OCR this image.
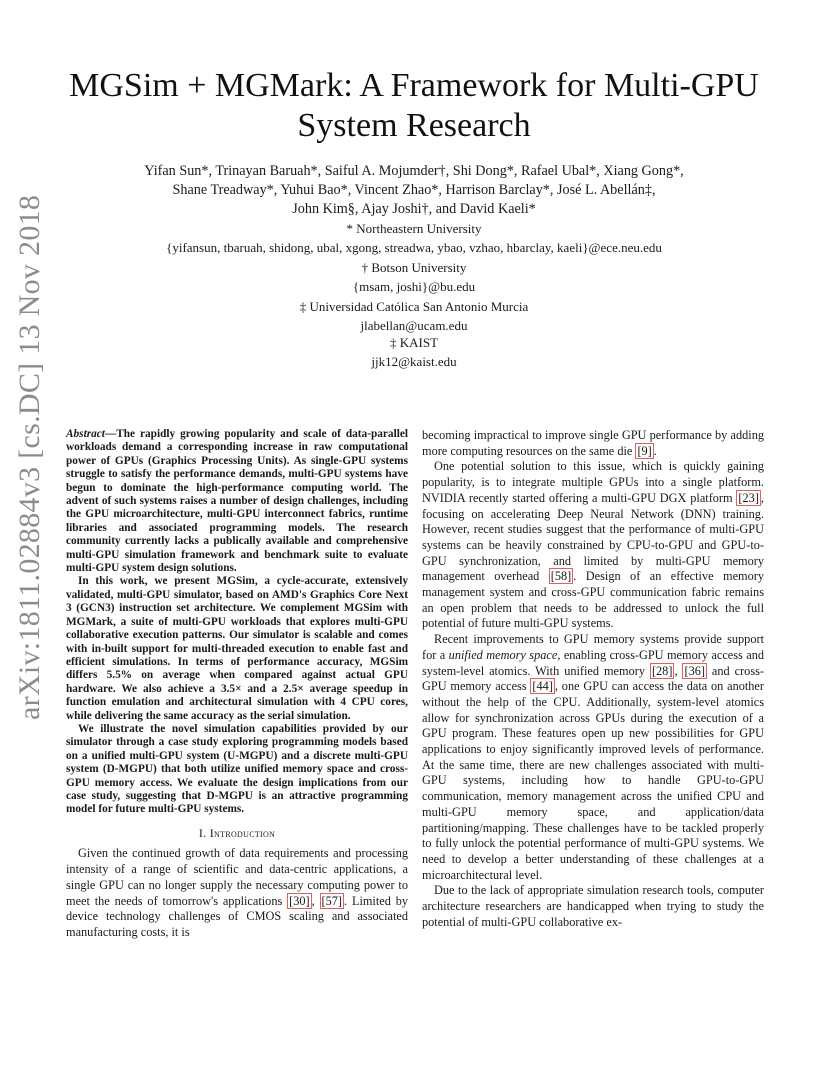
arXiv:1811.02884v3 [cs.DC] 13 Nov 2018
MGSim + MGMark: A Framework for Multi-GPU
System Research
Yifan Sun*, Trinayan Baruah*, Saiful A. Mojumder†, Shi Dong*, Rafael Ubal*, Xiang Gong*,
Shane Treadway*, Yuhui Bao*, Vincent Zhao*, Harrison Barclay*, José L. Abellán‡,
John Kim§, Ajay Joshi†, and David Kaeli*
* Northeastern University
{yifansun, tbaruah, shidong, ubal, xgong, streadwa, ybao, vzhao, hbarclay, kaeli}@ece.neu.edu
† Botson University
{msam, joshi}@bu.edu
‡ Universidad Católica San Antonio Murcia
jlabellan@ucam.edu
‡ KAIST
jjk12@kaist.edu

Abstract—The rapidly growing popularity and scale of data-parallel workloads demand a corresponding increase in raw computational power of GPUs (Graphics Processing Units). As single-GPU systems struggle to satisfy the performance demands, multi-GPU systems have begun to dominate the high-performance computing world. The advent of such systems raises a number of design challenges, including the GPU microarchitecture, multi-GPU interconnect fabrics, runtime libraries and associated programming models. The research community currently lacks a publically available and comprehensive multi-GPU simulation framework and benchmark suite to evaluate multi-GPU system design solutions.

In this work, we present MGSim, a cycle-accurate, extensively validated, multi-GPU simulator, based on AMD's Graphics Core Next 3 (GCN3) instruction set architecture. We complement MGSim with MGMark, a suite of multi-GPU workloads that explores multi-GPU collaborative execution patterns. Our simulator is scalable and comes with in-built support for multi-threaded execution to enable fast and efficient simulations. In terms of performance accuracy, MGSim differs 5.5% on average when compared against actual GPU hardware. We also achieve a 3.5× and a 2.5× average speedup in function emulation and architectural simulation with 4 CPU cores, while delivering the same accuracy as the serial simulation.

We illustrate the novel simulation capabilities provided by our simulator through a case study exploring programming models based on a unified multi-GPU system (U-MGPU) and a discrete multi-GPU system (D-MGPU) that both utilize unified memory space and cross-GPU memory access. We evaluate the design implications from our case study, suggesting that D-MGPU is an attractive programming model for future multi-GPU systems.

I. Introduction

Given the continued growth of data requirements and processing intensity of a range of scientific and data-centric applications, a single GPU can no longer supply the necessary computing power to meet the needs of tomorrow's applications [30] , [57] . Limited by device technology challenges of CMOS scaling and associated manufacturing costs, it is

becoming impractical to improve single GPU performance by adding more computing resources on the same die [9] .

One potential solution to this issue, which is quickly gaining popularity, is to integrate multiple GPUs into a single platform. NVIDIA recently started offering a multi-GPU DGX platform [23] , focusing on accelerating Deep Neural Network (DNN) training. However, recent studies suggest that the performance of multi-GPU systems can be heavily constrained by CPU-to-GPU and GPU-to-GPU synchronization, and limited by multi-GPU memory management overhead [58] . Design of an effective memory management system and cross-GPU communication fabric remains an open problem that needs to be addressed to unlock the full potential of future multi-GPU systems.

Recent improvements to GPU memory systems provide support for a unified memory space, enabling cross-GPU memory access and system-level atomics. With unified memory [28] , [36] and cross-GPU memory access [44] , one GPU can access the data on another without the help of the CPU. Additionally, system-level atomics allow for synchronization across GPUs during the execution of a GPU program. These features open up new possibilities for GPU applications to enjoy significantly improved levels of performance. At the same time, there are new challenges associated with multi-GPU systems, including how to handle GPU-to-GPU communication, memory management across the unified CPU and multi-GPU memory space, and application/data partitioning/mapping. These challenges have to be tackled properly to fully unlock the potential performance of multi-GPU systems. We need to develop a better understanding of these challenges at a microarchitectural level.

Due to the lack of appropriate simulation research tools, computer architecture researchers are handicapped when trying to study the potential of multi-GPU collaborative ex-
